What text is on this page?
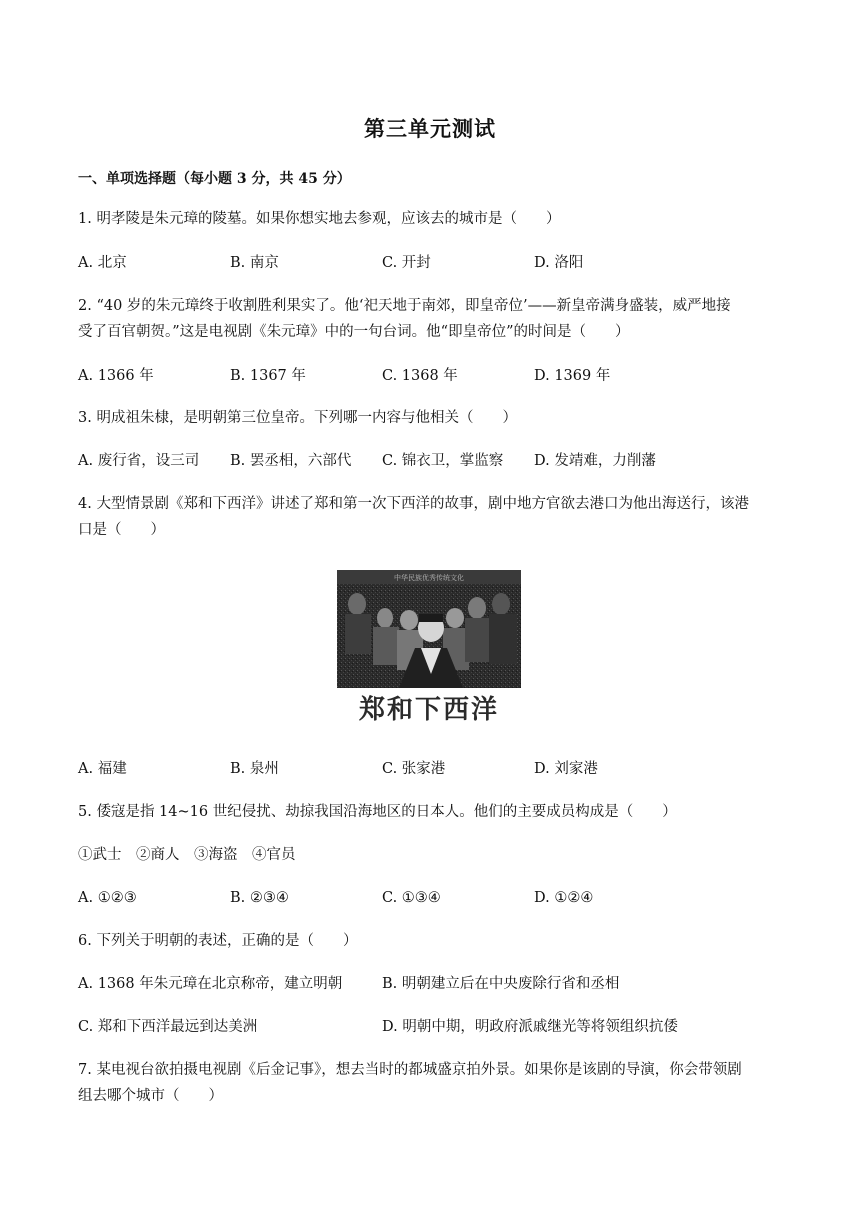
第三单元测试
一、单项选择题（每小题 3 分，共 45 分）
1. 明孝陵是朱元璋的陵墓。如果你想实地去参观，应该去的城市是（　　）
A. 北京	B. 南京	C. 开封	D. 洛阳
2. “40 岁的朱元璋终于收割胜利果实了。他‘祀天地于南郊，即皇帝位’——新皇帝满身盛装，威严地接
受了百官朝贺。”这是电视剧《朱元璋》中的一句台词。他“即皇帝位”的时间是（　　）
A. 1366 年	B. 1367 年	C. 1368 年	D. 1369 年
3. 明成祖朱棣，是明朝第三位皇帝。下列哪一内容与他相关（　　）
A. 废行省，设三司 B. 罢丞相，六部代 C. 锦衣卫，掌监察 D. 发靖难，力削藩
4. 大型情景剧《郑和下西洋》讲述了郑和第一次下西洋的故事，剧中地方官欲去港口为他出海送行，该港
口是（　　）
中华民族优秀传统文化
郑和下西洋
A. 福建	B. 泉州	C. 张家港	D. 刘家港
5. 倭寇是指 14~16 世纪侵扰、劫掠我国沿海地区的日本人。他们的主要成员构成是（　　）
①武士　②商人　③海盗　④官员
A. ①②③	B. ②③④	C. ①③④	D. ①②④
6. 下列关于明朝的表述，正确的是（　　）
A. 1368 年朱元璋在北京称帝，建立明朝	B. 明朝建立后在中央废除行省和丞相
C. 郑和下西洋最远到达美洲	D. 明朝中期，明政府派戚继光等将领组织抗倭
7. 某电视台欲拍摄电视剧《后金记事》，想去当时的都城盛京拍外景。如果你是该剧的导演，你会带领剧
组去哪个城市（　　）
